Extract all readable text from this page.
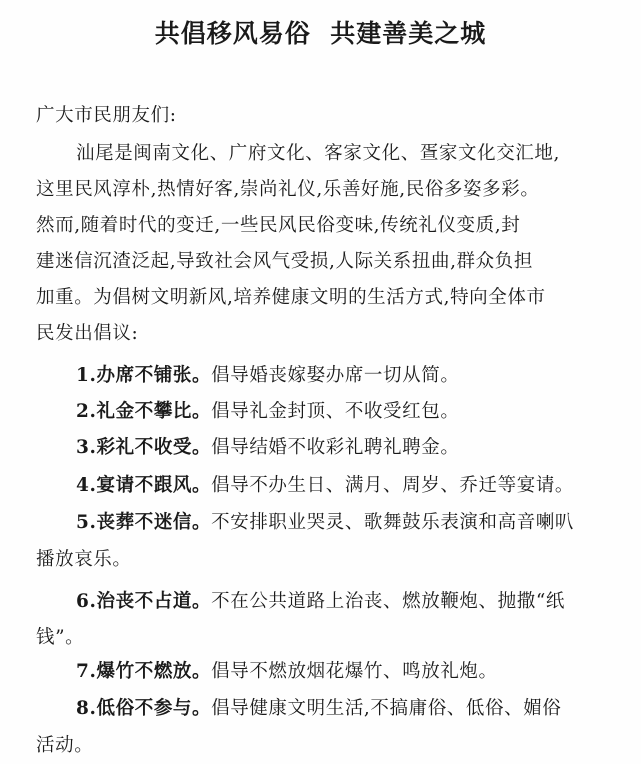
共倡移风易俗  共建善美之城
广大市民朋友们:
汕尾是闽南文化、广府文化、客家文化、疍家文化交汇地,
这里民风淳朴,热情好客,崇尚礼仪,乐善好施,民俗多姿多彩。
然而,随着时代的变迁,一些民风民俗变味,传统礼仪变质,封
建迷信沉渣泛起,导致社会风气受损,人际关系扭曲,群众负担
加重。为倡树文明新风,培养健康文明的生活方式,特向全体市
民发出倡议:
1.办席不铺张。倡导婚丧嫁娶办席一切从简。
2.礼金不攀比。倡导礼金封顶、不收受红包。
3.彩礼不收受。倡导结婚不收彩礼聘礼聘金。
4.宴请不跟风。倡导不办生日、满月、周岁、乔迁等宴请。
5.丧葬不迷信。不安排职业哭灵、歌舞鼓乐表演和高音喇叭
播放哀乐。
6.治丧不占道。不在公共道路上治丧、燃放鞭炮、抛撒“纸
钱”。
7.爆竹不燃放。倡导不燃放烟花爆竹、鸣放礼炮。
8.低俗不参与。倡导健康文明生活,不搞庸俗、低俗、媚俗
活动。
